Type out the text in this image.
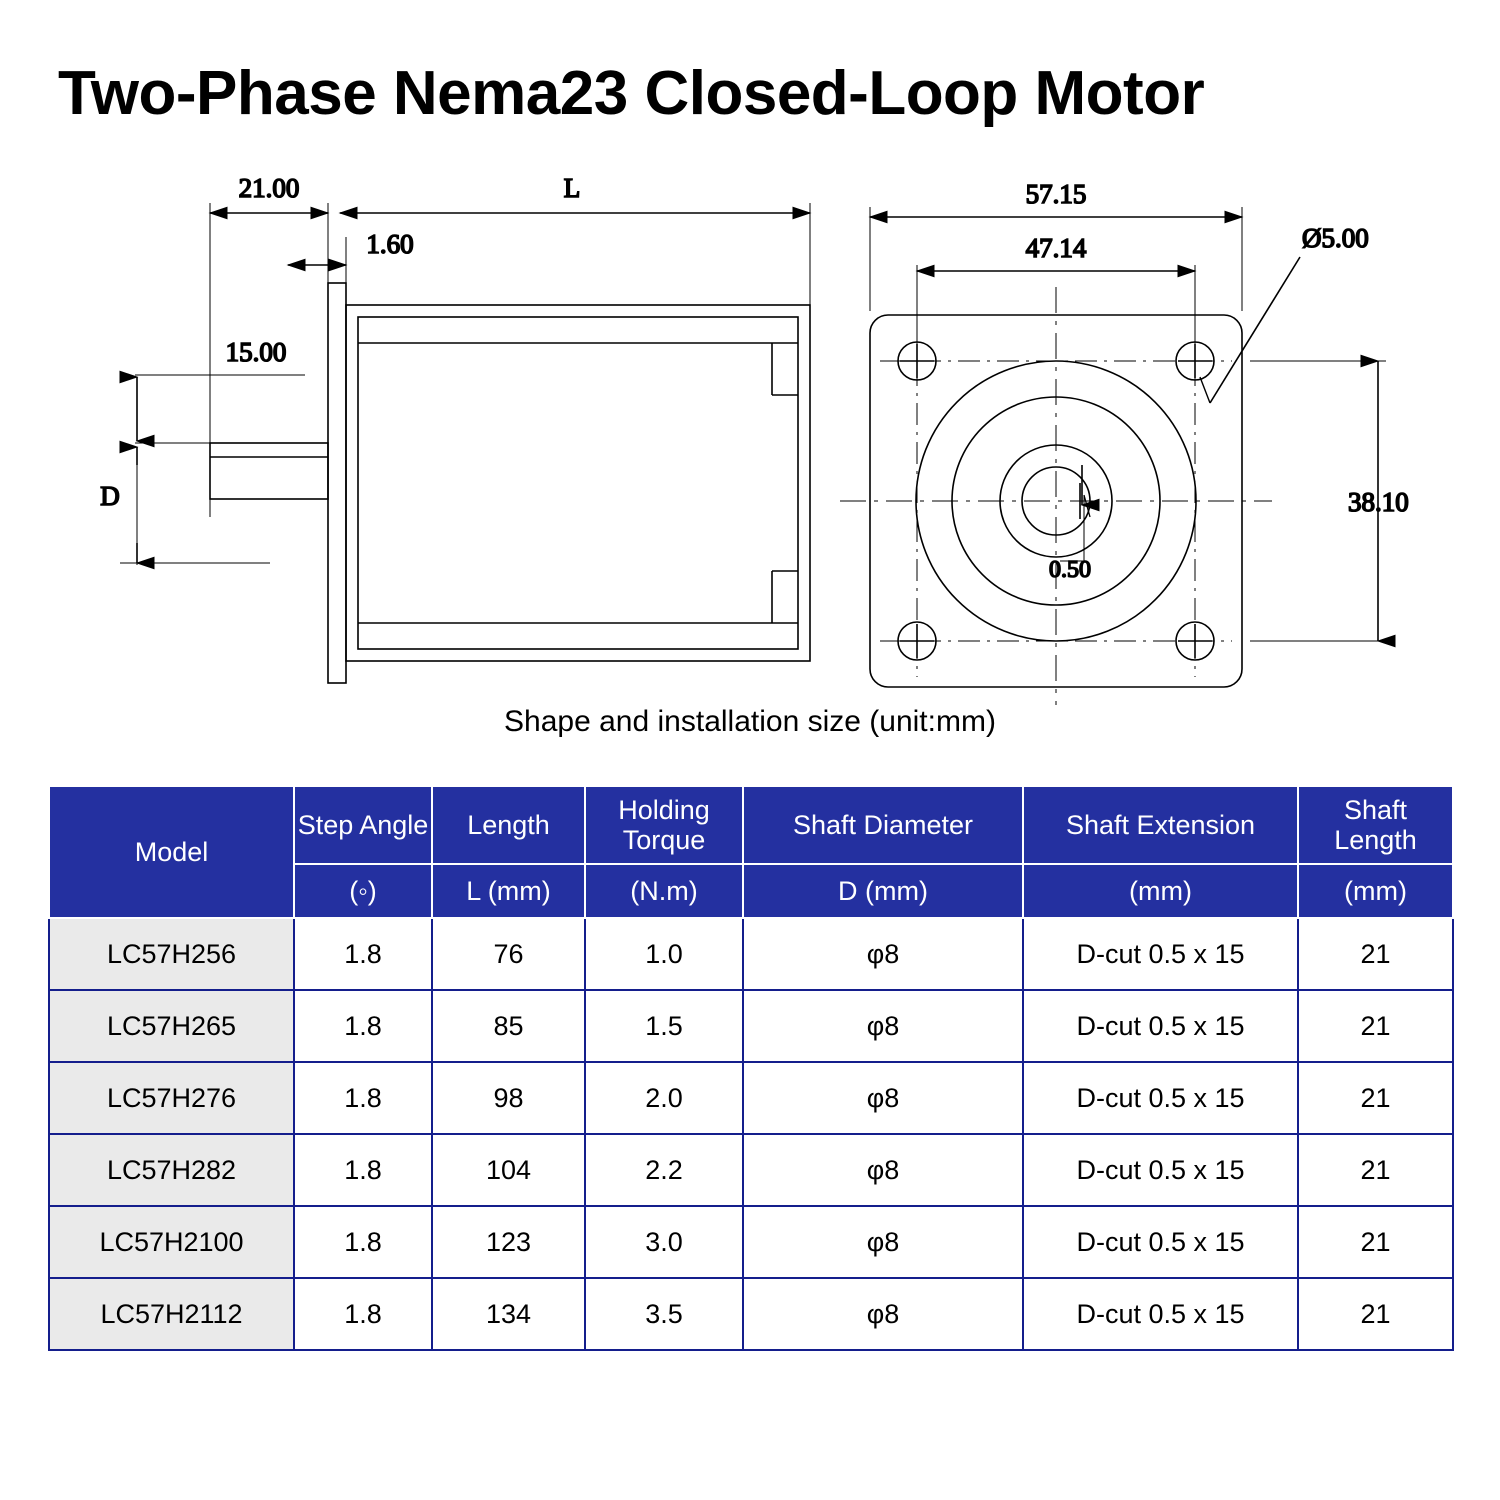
Two-Phase Nema23 Closed-Loop Motor
21.00	L
1.60
15.00
D
57.15
47.14
38.10
Ø5.00
0.50
Shape and installation size (unit:mm)
Model	Step Angle	Length	Holding Torque	Shaft Diameter	Shaft Extension	Shaft Length
	(◦)	L (mm)	(N.m)	D (mm)	(mm)	(mm)
LC57H256	1.8	76	1.0	φ8	D-cut 0.5 x 15	21
LC57H265	1.8	85	1.5	φ8	D-cut 0.5 x 15	21
LC57H276	1.8	98	2.0	φ8	D-cut 0.5 x 15	21
LC57H282	1.8	104	2.2	φ8	D-cut 0.5 x 15	21
LC57H2100	1.8	123	3.0	φ8	D-cut 0.5 x 15	21
LC57H2112	1.8	134	3.5	φ8	D-cut 0.5 x 15	21
